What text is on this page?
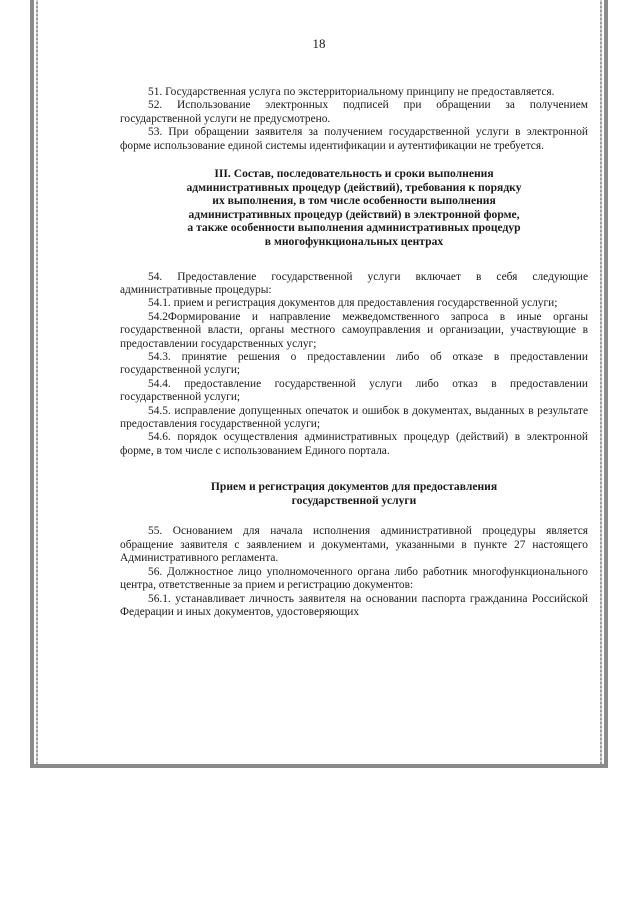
18

51. Государственная услуга по экстерриториальному принципу не предоставляется.

52. Использование электронных подписей при обращении за получением государственной услуги не предусмотрено.

53. При обращении заявителя за получением государственной услуги в электронной форме использование единой системы идентификации и аутентификации не требуется.

III. Состав, последовательность и сроки выполнения

административных процедур (действий), требования к порядку

их выполнения, в том числе особенности выполнения

административных процедур (действий) в электронной форме,

а также особенности выполнения административных процедур

в многофункциональных центрах

54. Предоставление государственной услуги включает в себя следующие административные процедуры:

54.1. прием и регистрация документов для предоставления государственной услуги;

54.2Формирование и направление межведомственного запроса в иные органы государственной власти, органы местного самоуправления и организации, участвующие в предоставлении государственных услуг;

54.3. принятие решения о предоставлении либо об отказе в предоставлении государственной услуги;

54.4. предоставление государственной услуги либо отказ в предоставлении государственной услуги;

54.5. исправление допущенных опечаток и ошибок в документах, выданных в результате предоставления государственной услуги;

54.6. порядок осуществления административных процедур (действий) в электронной форме, в том числе с использованием Единого портала.

Прием и регистрация документов для предоставления

государственной услуги

55. Основанием для начала исполнения административной процедуры является обращение заявителя с заявлением и документами, указанными в пункте 27 настоящего Административного регламента.

56. Должностное лицо уполномоченного органа либо работник многофункционального центра, ответственные за прием и регистрацию документов:

56.1. устанавливает личность заявителя на основании паспорта гражданина Российской Федерации и иных документов, удостоверяющих
